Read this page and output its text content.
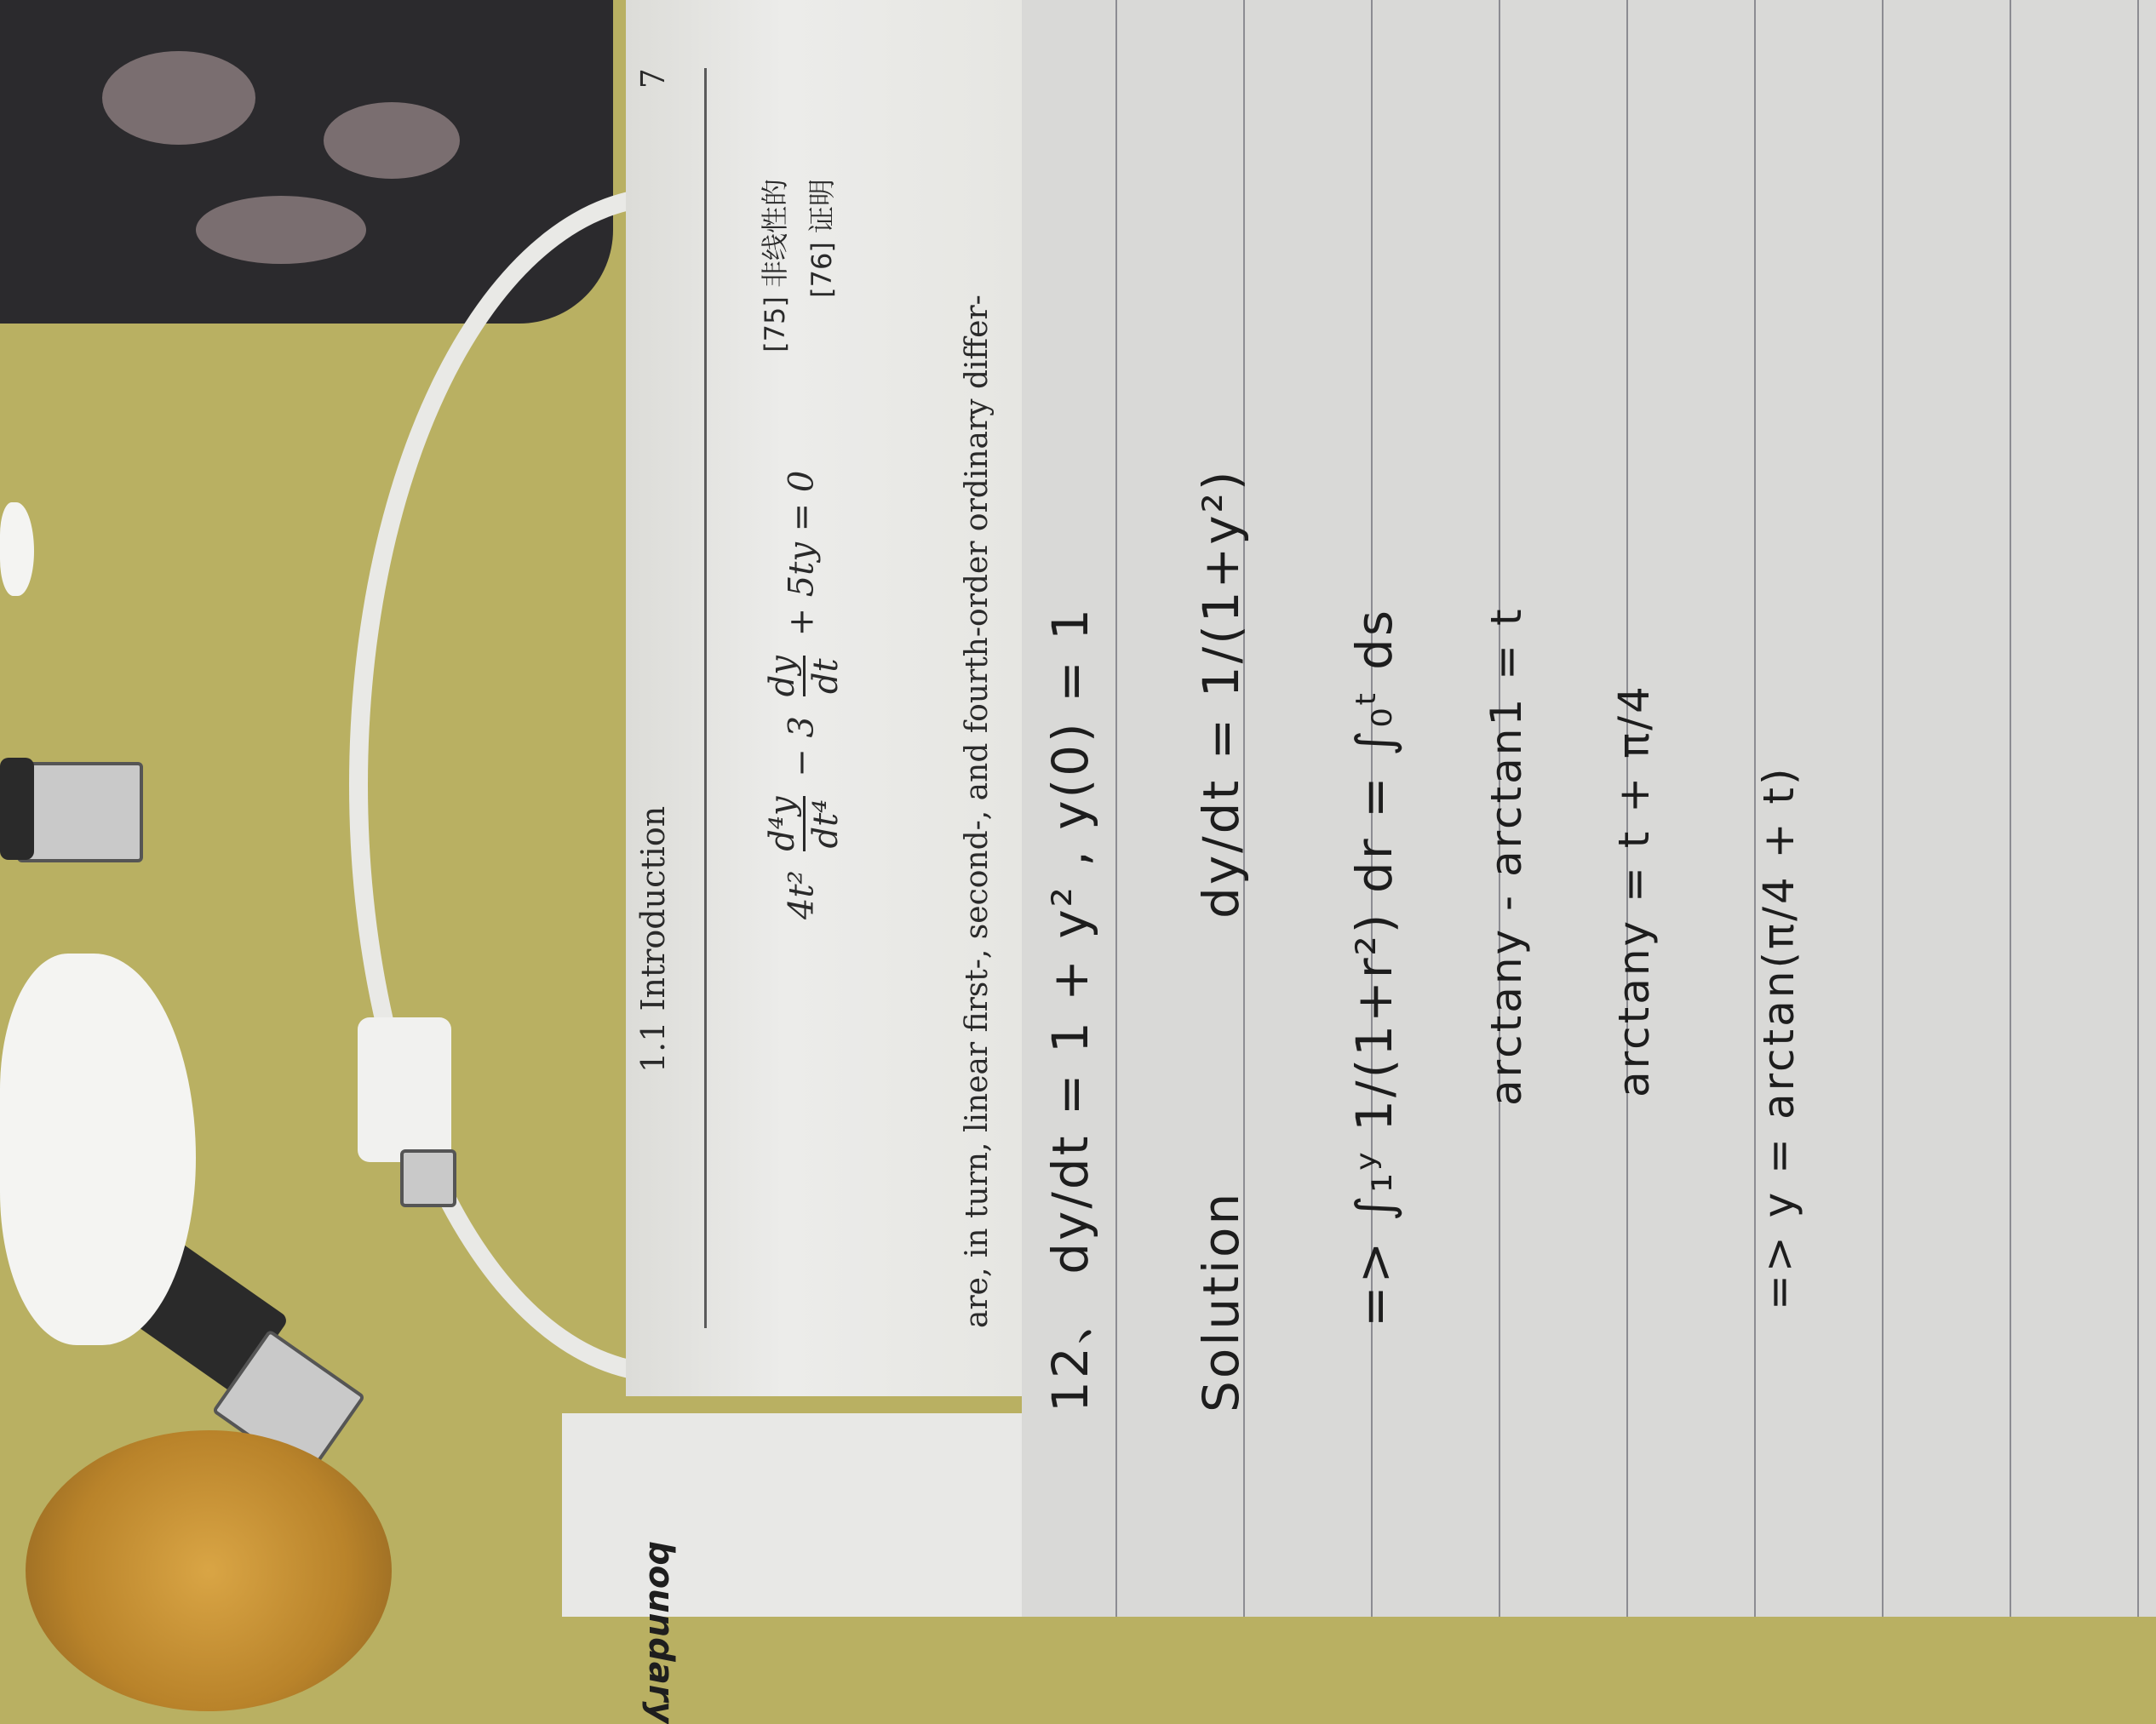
1.1 Introduction
7
4t²
d⁴y dt⁴
− 3
dy dt
+ 5ty = 0
[75] 非线性的 [76] 证明
are, in turn, linear first-, second-, and fourth-order ordinary differ-
boundary
12、 dy/dt = 1 + y² , y(0) = 1 Solution
dy/dt = 1/(1+y²) => ∫₁ʸ 1/(1+r²) dr = ∫₀ᵗ ds arctany - arctan1 = t arctany = t + π/4 => y = arctan(π/4 + t)
